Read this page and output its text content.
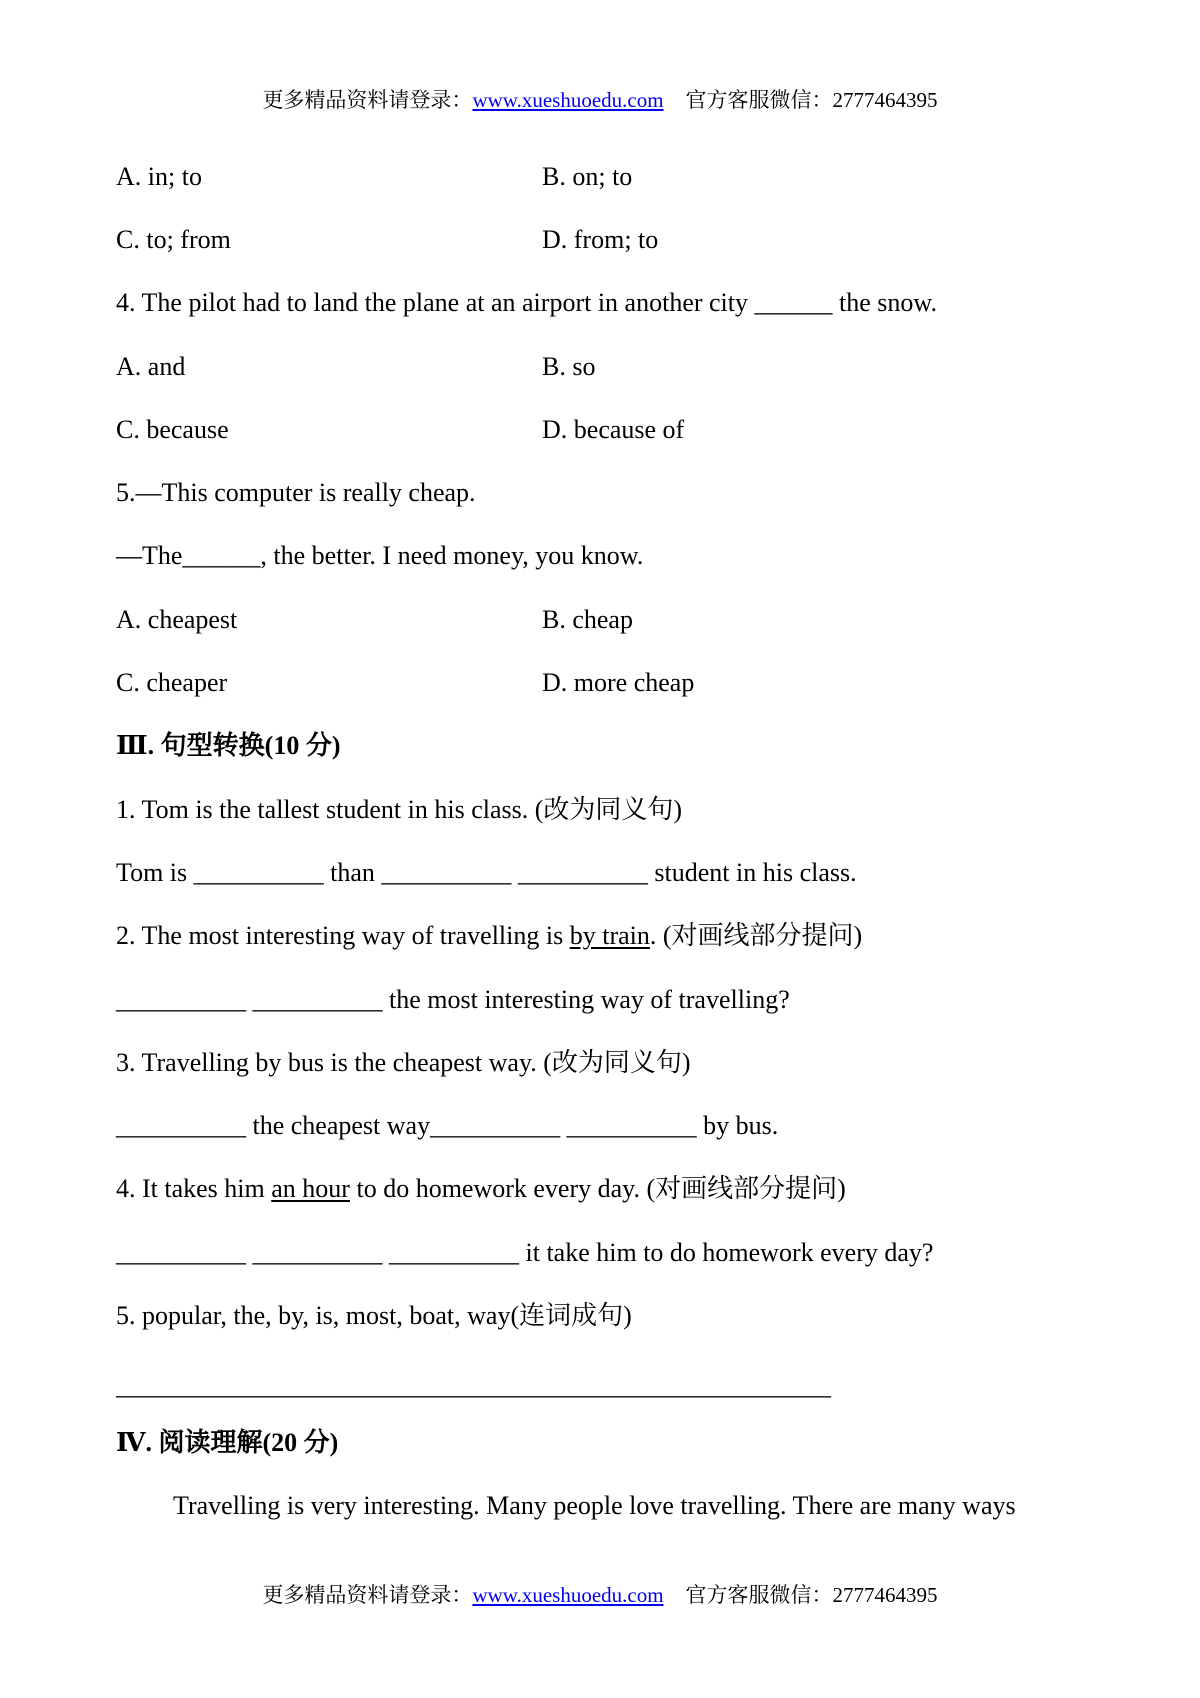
更多精品资料请登录：www.xueshuoedu.com 官方客服微信：2777464395
A. in; to	B. on; to
C. to; from	D. from; to
4. The pilot had to land the plane at an airport in another city ______ the snow.
A. and	B. so
C. because	D. because of
5.—This computer is really cheap.
—The______, the better. I need money, you know.
A. cheapest	B. cheap
C. cheaper	D. more cheap
Ⅲ. 句型转换(10 分)
1. Tom is the tallest student in his class. (改为同义句)
Tom is __________ than __________ __________ student in his class.
2. The most interesting way of travelling is by train . (对画线部分提问)
__________ __________ the most interesting way of travelling?
3. Travelling by bus is the cheapest way. (改为同义句)
__________ the cheapest way__________ __________ by bus.
4. It takes him an hour to do homework every day. (对画线部分提问)
__________ __________ __________ it take him to do homework every day?
5. popular, the, by, is, most, boat, way(连词成句)
_______________________________________________________
Ⅳ. 阅读理解(20 分)
Travelling is very interesting. Many people love travelling. There are many ways
更多精品资料请登录：www.xueshuoedu.com 官方客服微信：2777464395
